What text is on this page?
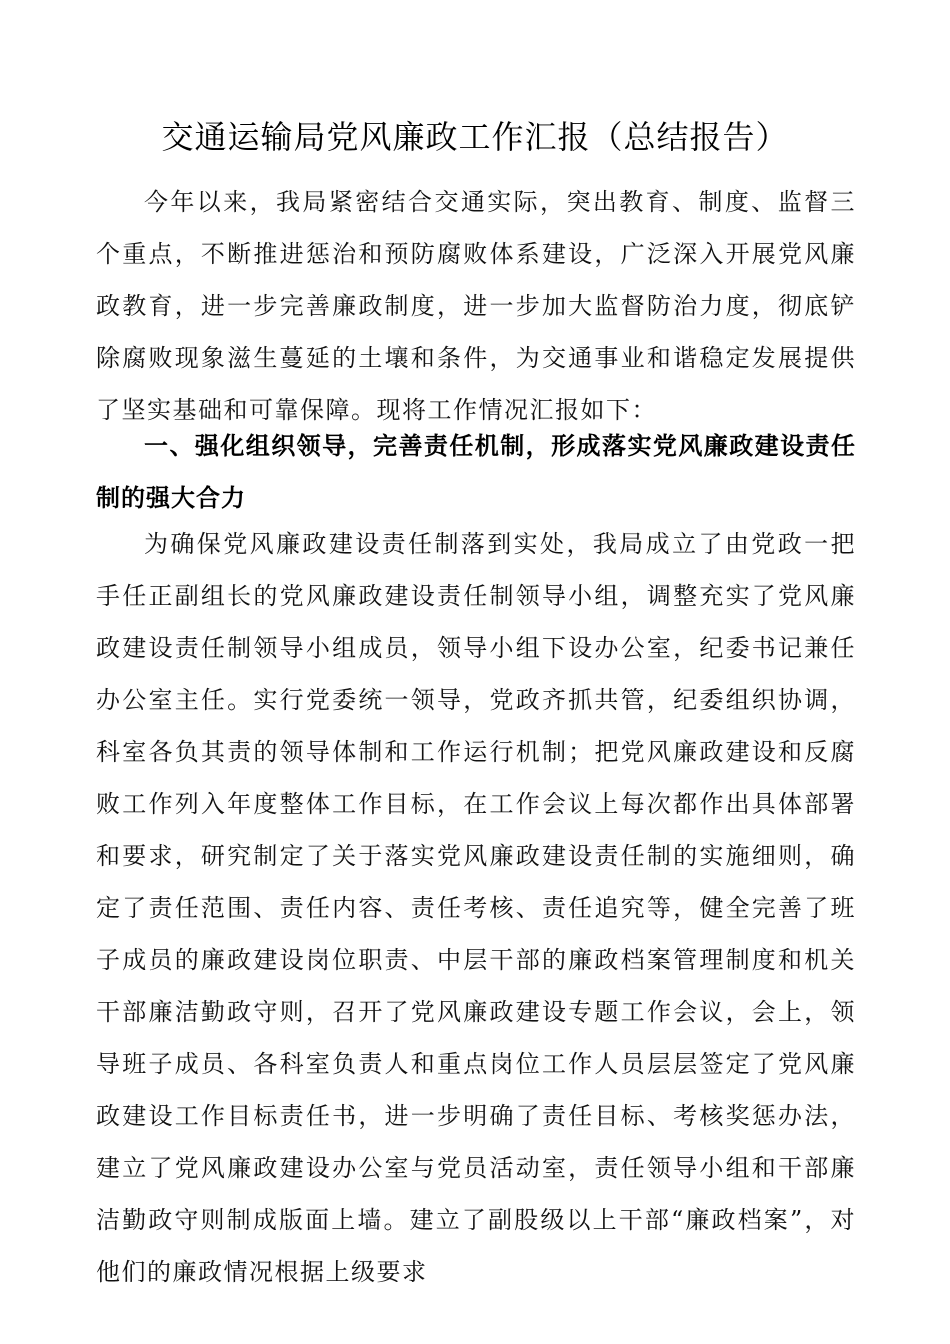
交通运输局党风廉政工作汇报（总结报告）

今年以来，我局紧密结合交通实际，突出教育、制度、监督三个重点，不断推进惩治和预防腐败体系建设，广泛深入开展党风廉政教育，进一步完善廉政制度，进一步加大监督防治力度，彻底铲除腐败现象滋生蔓延的土壤和条件，为交通事业和谐稳定发展提供了坚实基础和可靠保障。现将工作情况汇报如下：

一、强化组织领导，完善责任机制，形成落实党风廉政建设责任制的强大合力

为确保党风廉政建设责任制落到实处，我局成立了由党政一把手任正副组长的党风廉政建设责任制领导小组，调整充实了党风廉政建设责任制领导小组成员，领导小组下设办公室，纪委书记兼任办公室主任。实行党委统一领导，党政齐抓共管，纪委组织协调，科室各负其责的领导体制和工作运行机制；把党风廉政建设和反腐败工作列入年度整体工作目标，在工作会议上每次都作出具体部署和要求，研究制定了关于落实党风廉政建设责任制的实施细则，确定了责任范围、责任内容、责任考核、责任追究等，健全完善了班子成员的廉政建设岗位职责、中层干部的廉政档案管理制度和机关干部廉洁勤政守则，召开了党风廉政建设专题工作会议，会上，领导班子成员、各科室负责人和重点岗位工作人员层层签定了党风廉政建设工作目标责任书，进一步明确了责任目标、考核奖惩办法，建立了党风廉政建设办公室与党员活动室，责任领导小组和干部廉洁勤政守则制成版面上墙。建立了副股级以上干部“廉政档案”，对他们的廉政情况根据上级要求
